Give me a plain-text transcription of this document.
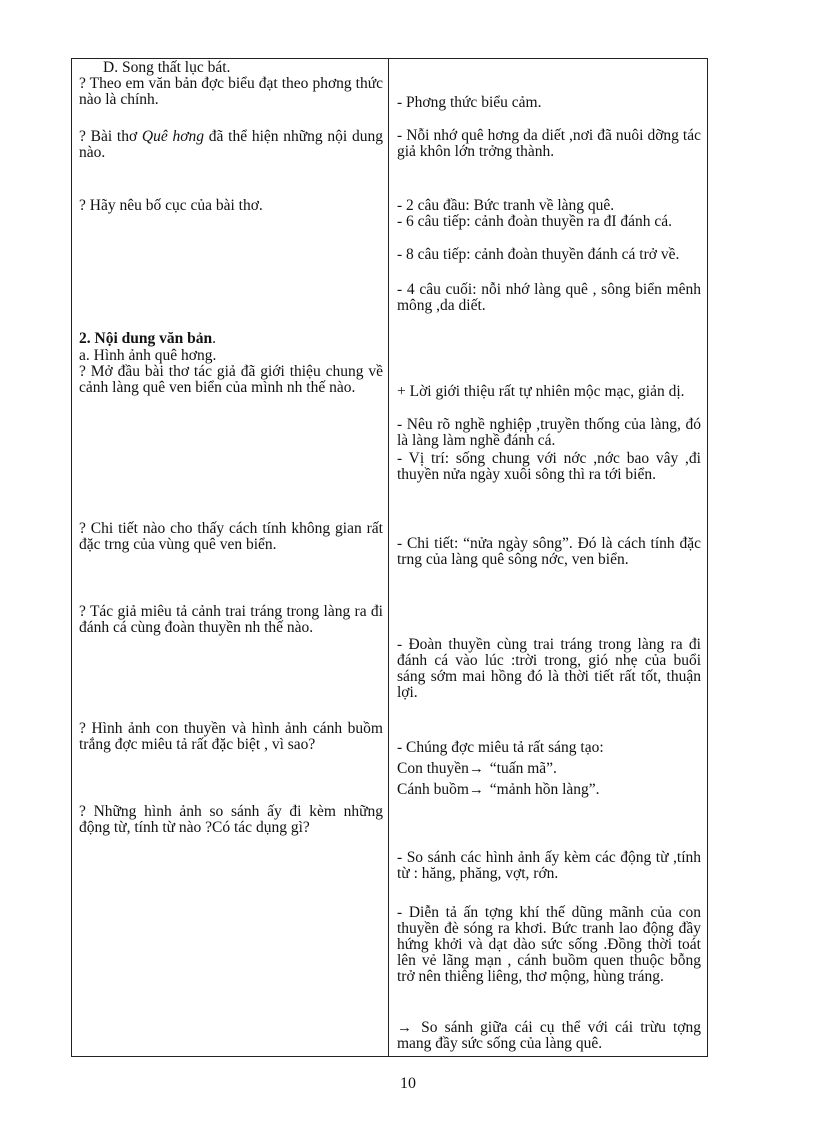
D. Song thất lục bát.
? Theo em văn bản đợc biểu đạt theo phơng thức nào là chính.
? Bài thơ Quê hơng đã thể hiện những nội dung nào.
? Hãy nêu bố cục của bài thơ.
2. Nội dung văn bản.
a. Hình ảnh quê hơng.
? Mở đầu bài thơ tác giả đã giới thiệu chung về cảnh làng quê ven biển của mình nh thế nào.
? Chi tiết nào cho thấy cách tính không gian rất đặc trng của vùng quê ven biển.
? Tác giả miêu tả cảnh trai tráng trong làng ra đi đánh cá cùng đoàn thuyền nh thế nào.
? Hình ảnh con thuyền và hình ảnh cánh buồm trắng đợc miêu tả rất đặc biệt , vì sao?
? Những hình ảnh so sánh ấy đi kèm những động từ, tính từ nào ?Có tác dụng gì?
- Phơng thức biểu cảm.
- Nỗi nhớ quê hơng da diết ,nơi đã nuôi dỡng tác giả khôn lớn trởng thành.
- 2 câu đầu: Bức tranh về làng quê.
- 6 câu tiếp: cảnh đoàn thuyền ra đI đánh cá.
- 8 câu tiếp: cảnh đoàn thuyền đánh cá trở về.
- 4 câu cuối: nỗi nhớ làng quê , sông biển mênh mông ,da diết.
+ Lời giới thiệu rất tự nhiên mộc mạc, giản dị.
- Nêu rõ nghề nghiệp ,truyền thống của làng, đó là làng làm nghề đánh cá.
- Vị trí: sống chung với nớc ,nớc bao vây ,đi thuyền nửa ngày xuôi sông thì ra tới biển.
- Chi tiết: “nửa ngày sông”. Đó là cách tính đặc trng của làng quê sông nớc, ven biển.
- Đoàn thuyền cùng trai tráng trong làng ra đi đánh cá vào lúc :trời trong, gió nhẹ của buổi sáng sớm mai hồng đó là thời tiết rất tốt, thuận lợi.
- Chúng đợc miêu tả rất sáng tạo:
Con thuyền→ “tuấn mã”.
Cánh buồm→ “mảnh hồn làng”.
- So sánh các hình ảnh ấy kèm các động từ ,tính từ : hăng, phăng, vợt, rớn.
- Diễn tả ấn tợng khí thế dũng mãnh của con thuyền đè sóng ra khơi. Bức tranh lao động đầy hứng khởi và dạt dào sức sống .Đồng thời toát lên vẻ lãng mạn , cánh buồm quen thuộc bỗng trở nên thiêng liêng, thơ mộng, hùng tráng.
→ So sánh giữa cái cụ thể với cái trừu tợng mang đầy sức sống của làng quê.
10
